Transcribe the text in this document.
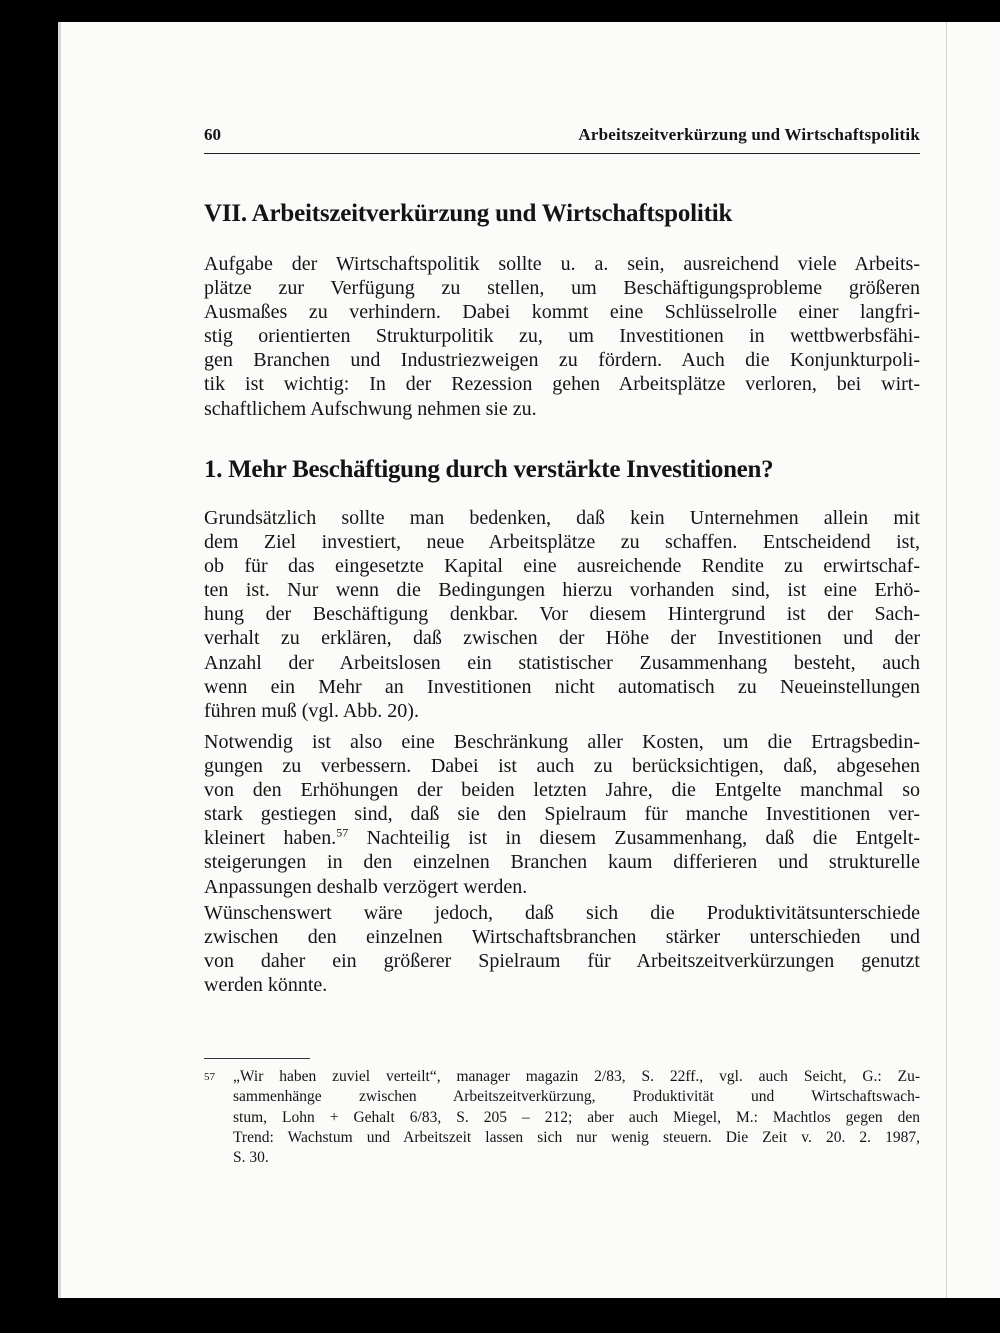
60	Arbeitszeitverkürzung und Wirtschaftspolitik
VII. Arbeitszeitverkürzung und Wirtschaftspolitik

Aufgabe der Wirtschaftspolitik sollte u. a. sein, ausreichend viele Arbeits-
plätze zur Verfügung zu stellen, um Beschäftigungsprobleme größeren
Ausmaßes zu verhindern. Dabei kommt eine Schlüsselrolle einer langfri-
stig orientierten Strukturpolitik zu, um Investitionen in wettbwerbsfähi-
gen Branchen und Industriezweigen zu fördern. Auch die Konjunkturpoli-
tik ist wichtig: In der Rezession gehen Arbeitsplätze verloren, bei wirt-
schaftlichem Aufschwung nehmen sie zu.

1. Mehr Beschäftigung durch verstärkte Investitionen?

Grundsätzlich sollte man bedenken, daß kein Unternehmen allein mit
dem Ziel investiert, neue Arbeitsplätze zu schaffen. Entscheidend ist,
ob für das eingesetzte Kapital eine ausreichende Rendite zu erwirtschaf-
ten ist. Nur wenn die Bedingungen hierzu vorhanden sind, ist eine Erhö-
hung der Beschäftigung denkbar. Vor diesem Hintergrund ist der Sach-
verhalt zu erklären, daß zwischen der Höhe der Investitionen und der
Anzahl der Arbeitslosen ein statistischer Zusammenhang besteht, auch
wenn ein Mehr an Investitionen nicht automatisch zu Neueinstellungen
führen muß (vgl. Abb. 20).

Notwendig ist also eine Beschränkung aller Kosten, um die Ertragsbedin-
gungen zu verbessern. Dabei ist auch zu berücksichtigen, daß, abgesehen
von den Erhöhungen der beiden letzten Jahre, die Entgelte manchmal so
stark gestiegen sind, daß sie den Spielraum für manche Investitionen ver-
kleinert haben.$^{57}$ Nachteilig ist in diesem Zusammenhang, daß die Entgelt-
steigerungen in den einzelnen Branchen kaum differieren und strukturelle
Anpassungen deshalb verzögert werden.

Wünschenswert wäre jedoch, daß sich die Produktivitätsunterschiede
zwischen den einzelnen Wirtschaftsbranchen stärker unterschieden und
von daher ein größerer Spielraum für Arbeitszeitverkürzungen genutzt
werden könnte.

57 „Wir haben zuviel verteilt“, manager magazin 2/83, S. 22ff., vgl. auch Seicht, G.: Zu-
sammenhänge zwischen Arbeitszeitverkürzung, Produktivität und Wirtschaftswach-
stum, Lohn + Gehalt 6/83, S. 205 – 212; aber auch Miegel, M.: Machtlos gegen den
Trend: Wachstum und Arbeitszeit lassen sich nur wenig steuern. Die Zeit v. 20. 2. 1987,
S. 30.
